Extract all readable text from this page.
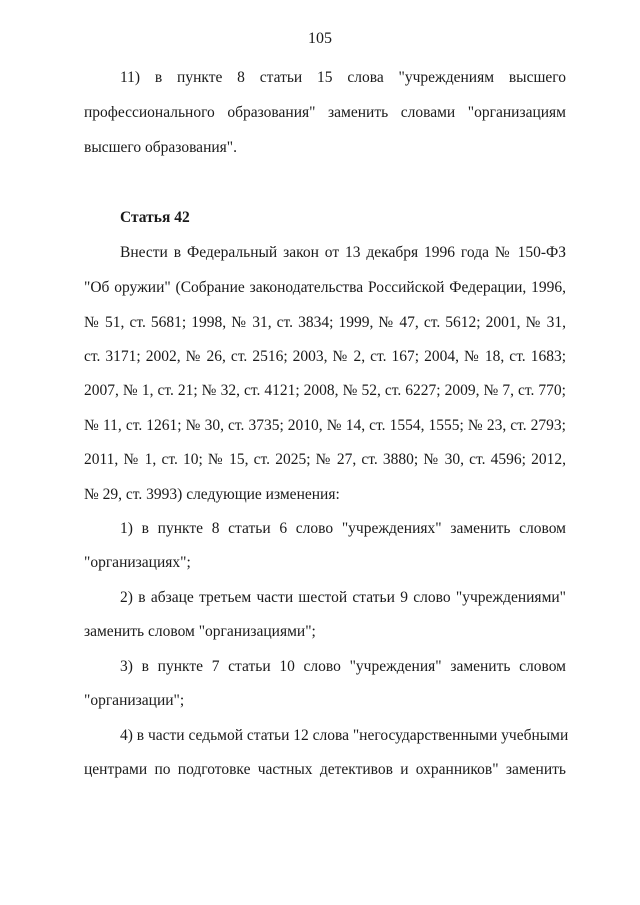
105
11) в пункте 8 статьи 15 слова "учреждениям высшего
профессионального образования" заменить словами "организациям
высшего образования".
Статья 42
Внести в Федеральный закон от 13 декабря 1996 года № 150-ФЗ
"Об оружии" (Собрание законодательства Российской Федерации, 1996,
№ 51, ст. 5681; 1998, № 31, ст. 3834; 1999, № 47, ст. 5612; 2001, № 31,
ст. 3171; 2002, № 26, ст. 2516; 2003, № 2, ст. 167; 2004, № 18, ст. 1683;
2007, № 1, ст. 21; № 32, ст. 4121; 2008, № 52, ст. 6227; 2009, № 7, ст. 770;
№ 11, ст. 1261; № 30, ст. 3735; 2010, № 14, ст. 1554, 1555; № 23, ст. 2793;
2011, № 1, ст. 10; № 15, ст. 2025; № 27, ст. 3880; № 30, ст. 4596; 2012,
№ 29, ст. 3993) следующие изменения:
1) в пункте 8 статьи 6 слово "учреждениях" заменить словом
"организациях";
2) в абзаце третьем части шестой статьи 9 слово "учреждениями"
заменить словом "организациями";
3) в пункте 7 статьи 10 слово "учреждения" заменить словом
"организации";
4) в части седьмой статьи 12 слова "негосударственными учебными
центрами по подготовке частных детективов и охранников" заменить
